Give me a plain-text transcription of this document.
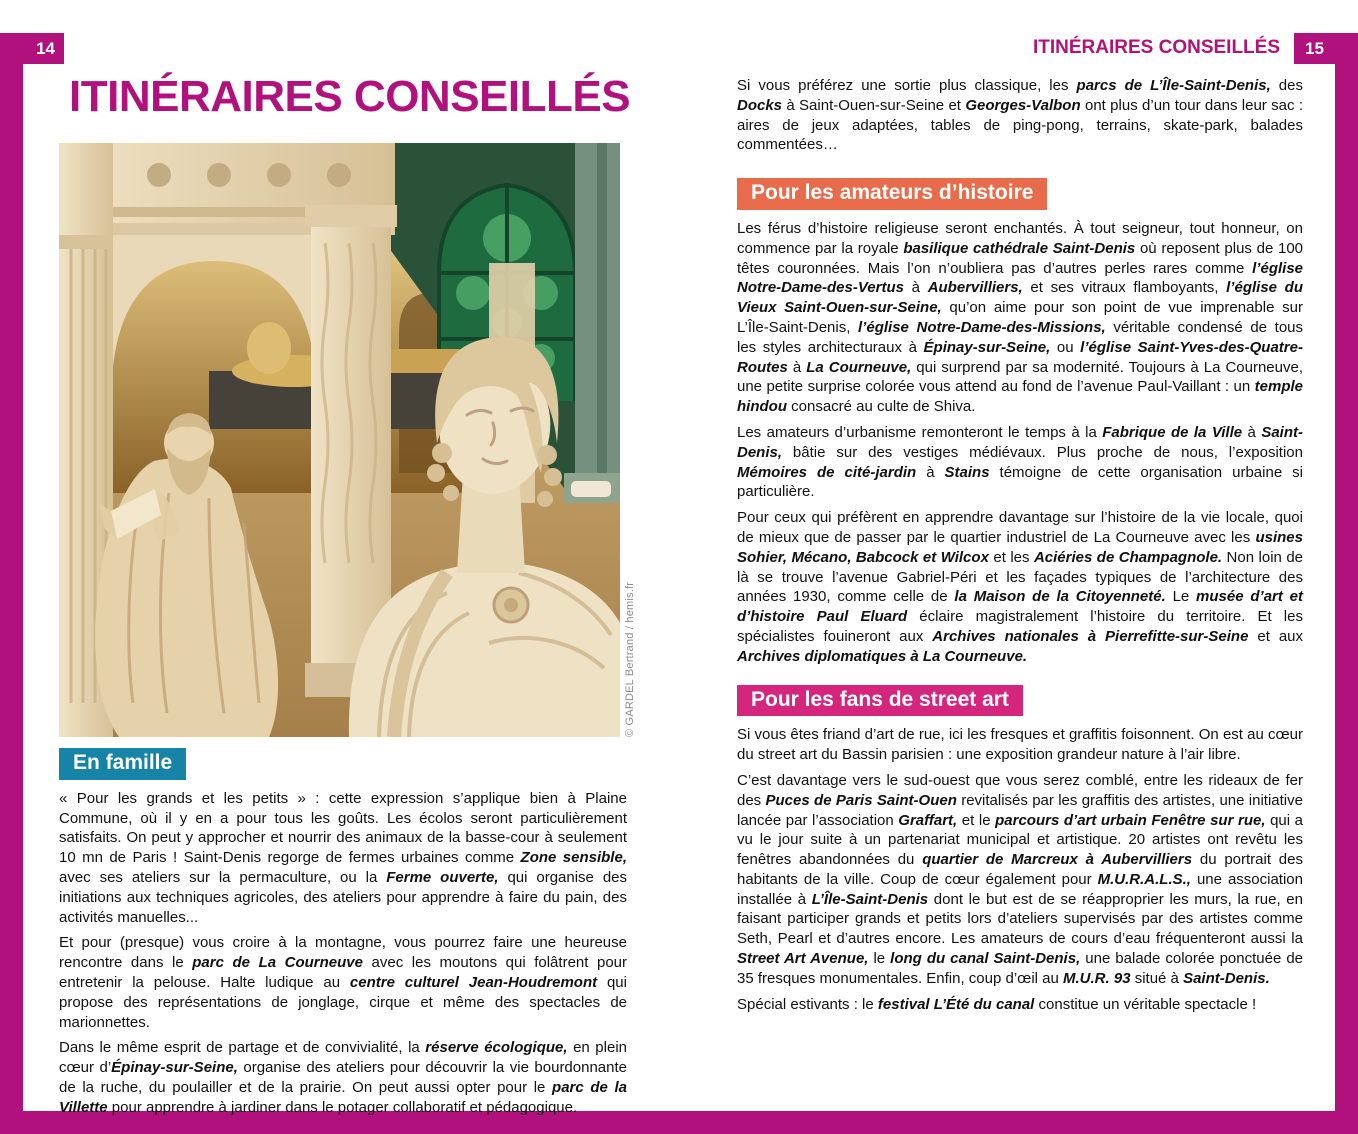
14	15
ITINÉRAIRES CONSEILLÉS
ITINÉRAIRES CONSEILLÉS
© GARDEL Bertrand / hemis.fr
En famille

« Pour les grands et les petits » : cette expression s’applique bien à Plaine Commune, où il y en a pour tous les goûts. Les écolos seront particulièrement satisfaits. On peut y approcher et nourrir des animaux de la basse-cour à seulement 10 mn de Paris ! Saint-Denis regorge de fermes urbaines comme Zone sensible, avec ses ateliers sur la permaculture, ou la Ferme ouverte, qui organise des initiations aux techniques agricoles, des ateliers pour apprendre à faire du pain, des activités manuelles...

Et pour (presque) vous croire à la montagne, vous pourrez faire une heureuse rencontre dans le parc de La Courneuve avec les moutons qui folâtrent pour entretenir la pelouse. Halte ludique au centre culturel Jean-Houdremont qui propose des représentations de jonglage, cirque et même des spectacles de marionnettes.

Dans le même esprit de partage et de convivialité, la réserve écologique, en plein cœur d’Épinay-sur-Seine, organise des ateliers pour découvrir la vie bourdonnante de la ruche, du poulailler et de la prairie. On peut aussi opter pour le parc de la Villette pour apprendre à jardiner dans le potager collaboratif et pédagogique.

Si vous préférez une sortie plus classique, les parcs de L’Île-Saint-Denis, des Docks à Saint-Ouen-sur-Seine et Georges-Valbon ont plus d’un tour dans leur sac : aires de jeux adaptées, tables de ping-pong, terrains, skate-park, balades commentées…

Pour les amateurs d’histoire

Les férus d’histoire religieuse seront enchantés. À tout seigneur, tout honneur, on commence par la royale basilique cathédrale Saint-Denis où reposent plus de 100 têtes couronnées. Mais l’on n’oubliera pas d’autres perles rares comme l’église Notre-Dame-des-Vertus à Aubervilliers, et ses vitraux flamboyants, l’église du Vieux Saint-Ouen-sur-Seine, qu’on aime pour son point de vue imprenable sur L’Île-Saint-Denis, l’église Notre-Dame-des-Missions, véritable condensé de tous les styles architecturaux à Épinay-sur-Seine, ou l’église Saint-Yves-des-Quatre-Routes à La Courneuve, qui surprend par sa modernité. Toujours à La Courneuve, une petite surprise colorée vous attend au fond de l’avenue Paul-Vaillant : un temple hindou consacré au culte de Shiva.

Les amateurs d’urbanisme remonteront le temps à la Fabrique de la Ville à Saint-Denis, bâtie sur des vestiges médiévaux. Plus proche de nous, l’exposition Mémoires de cité-jardin à Stains témoigne de cette organisation urbaine si particulière.

Pour ceux qui préfèrent en apprendre davantage sur l’histoire de la vie locale, quoi de mieux que de passer par le quartier industriel de La Courneuve avec les usines Sohier, Mécano, Babcock et Wilcox et les Aciéries de Champagnole. Non loin de là se trouve l’avenue Gabriel-Péri et les façades typiques de l’architecture des années 1930, comme celle de la Maison de la Citoyenneté. Le musée d’art et d’histoire Paul Eluard éclaire magistralement l’histoire du territoire. Et les spécialistes fouineront aux Archives nationales à Pierrefitte-sur-Seine et aux Archives diplomatiques à La Courneuve.

Pour les fans de street art

Si vous êtes friand d’art de rue, ici les fresques et graffitis foisonnent. On est au cœur du street art du Bassin parisien : une exposition grandeur nature à l’air libre.

C’est davantage vers le sud-ouest que vous serez comblé, entre les rideaux de fer des Puces de Paris Saint-Ouen revitalisés par les graffitis des artistes, une initiative lancée par l’association Graffart, et le parcours d’art urbain Fenêtre sur rue, qui a vu le jour suite à un partenariat municipal et artistique. 20 artistes ont revêtu les fenêtres abandonnées du quartier de Marcreux à Aubervilliers du portrait des habitants de la ville. Coup de cœur également pour M.U.R.A.L.S., une association installée à L’Île-Saint-Denis dont le but est de se réapproprier les murs, la rue, en faisant participer grands et petits lors d’ateliers supervisés par des artistes comme Seth, Pearl et d’autres encore. Les amateurs de cours d’eau fréquenteront aussi la Street Art Avenue, le long du canal Saint-Denis, une balade colorée ponctuée de 35 fresques monumentales. Enfin, coup d’œil au M.U.R. 93 situé à Saint-Denis.

Spécial estivants : le festival L’Été du canal constitue un véritable spectacle !
